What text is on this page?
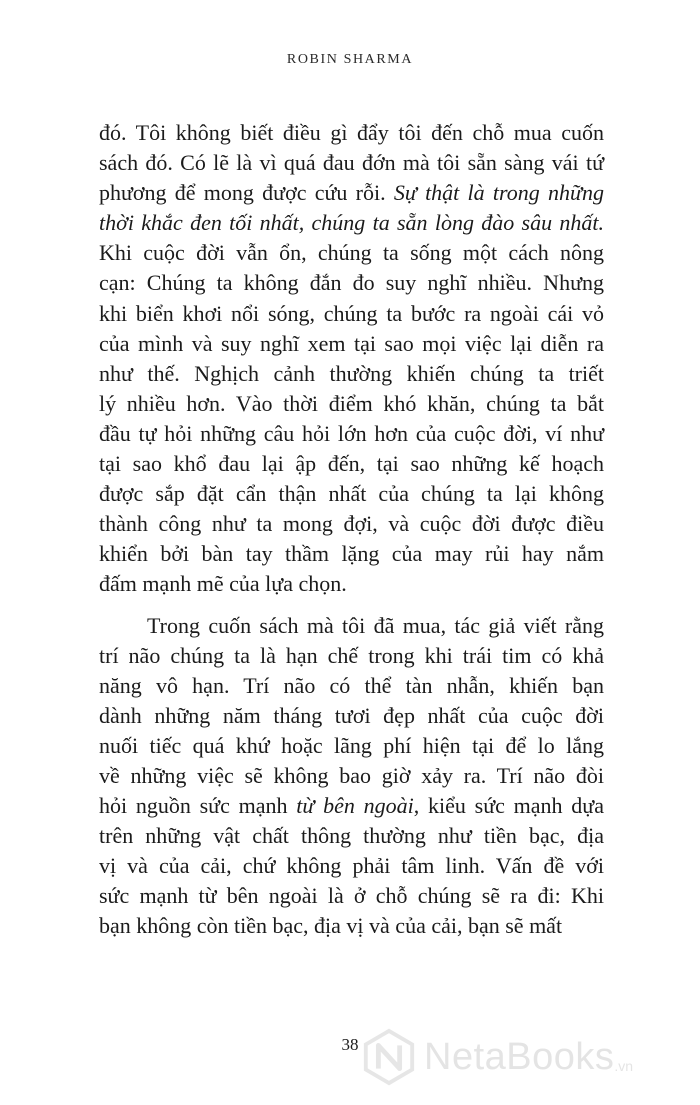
ROBIN SHARMA
đó. Tôi không biết điều gì đẩy tôi đến chỗ mua cuốn
sách đó. Có lẽ là vì quá đau đớn mà tôi sẵn sàng vái tứ
phương để mong được cứu rỗi. Sự thật là trong những
thời khắc đen tối nhất, chúng ta sẵn lòng đào sâu nhất.
Khi cuộc đời vẫn ổn, chúng ta sống một cách nông
cạn: Chúng ta không đắn đo suy nghĩ nhiều. Nhưng
khi biển khơi nổi sóng, chúng ta bước ra ngoài cái vỏ
của mình và suy nghĩ xem tại sao mọi việc lại diễn ra
như thế. Nghịch cảnh thường khiến chúng ta triết
lý nhiều hơn. Vào thời điểm khó khăn, chúng ta bắt
đầu tự hỏi những câu hỏi lớn hơn của cuộc đời, ví như
tại sao khổ đau lại ập đến, tại sao những kế hoạch
được sắp đặt cẩn thận nhất của chúng ta lại không
thành công như ta mong đợi, và cuộc đời được điều
khiển bởi bàn tay thầm lặng của may rủi hay nắm
đấm mạnh mẽ của lựa chọn.
Trong cuốn sách mà tôi đã mua, tác giả viết rằng
trí não chúng ta là hạn chế trong khi trái tim có khả
năng vô hạn. Trí não có thể tàn nhẫn, khiến bạn
dành những năm tháng tươi đẹp nhất của cuộc đời
nuối tiếc quá khứ hoặc lãng phí hiện tại để lo lắng
về những việc sẽ không bao giờ xảy ra. Trí não đòi
hỏi nguồn sức mạnh từ bên ngoài, kiểu sức mạnh dựa
trên những vật chất thông thường như tiền bạc, địa
vị và của cải, chứ không phải tâm linh. Vấn đề với
sức mạnh từ bên ngoài là ở chỗ chúng sẽ ra đi: Khi
bạn không còn tiền bạc, địa vị và của cải, bạn sẽ mất
38	NetaBooks .vn
